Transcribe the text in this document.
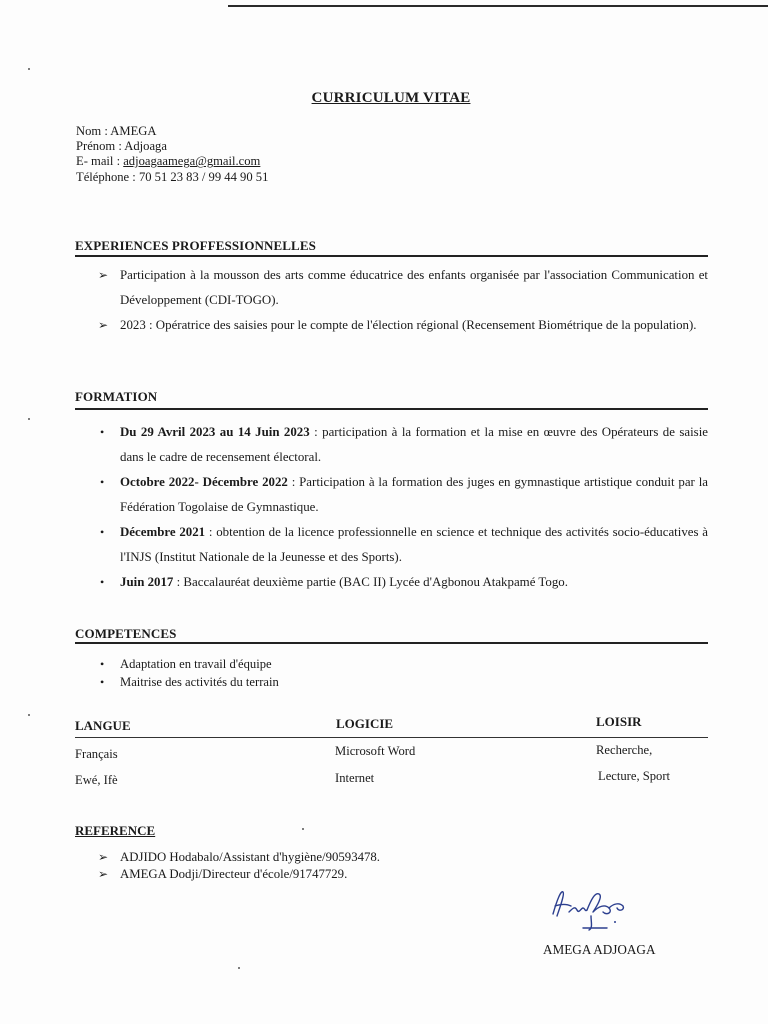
CURRICULUM VITAE
Nom : AMEGA
Prénom : Adjoaga
E- mail : adjoagaamega@gmail.com
Téléphone : 70 51 23 83 / 99 44 90 51
EXPERIENCES PROFFESSIONNELLES
➢ Participation à la mousson des arts comme éducatrice des enfants organisée par l'association Communication et Développement (CDI-TOGO).
➢ 2023 : Opératrice des saisies pour le compte de l'élection régional (Recensement Biométrique de la population).
FORMATION
• Du 29 Avril 2023 au 14 Juin 2023 : participation à la formation et la mise en œuvre des Opérateurs de saisie dans le cadre de recensement électoral.
• Octobre 2022- Décembre 2022 : Participation à la formation des juges en gymnastique artistique conduit par la Fédération Togolaise de Gymnastique.
• Décembre 2021 : obtention de la licence professionnelle en science et technique des activités socio-éducatives à l'INJS (Institut Nationale de la Jeunesse et des Sports).
• Juin 2017 : Baccalauréat deuxième partie (BAC II) Lycée d'Agbonou Atakpamé Togo.
COMPETENCES
• Adaptation en travail d'équipe
• Maitrise des activités du terrain
LANGUE	LOGICIE	LOISIR
Français
Ewé, Ifè
Microsoft Word
Internet
Recherche,
Lecture, Sport
REFERENCE
➢ ADJIDO Hodabalo/Assistant d'hygiène/90593478.
➢ AMEGA Dodji/Directeur d'école/91747729.
AMEGA ADJOAGA
